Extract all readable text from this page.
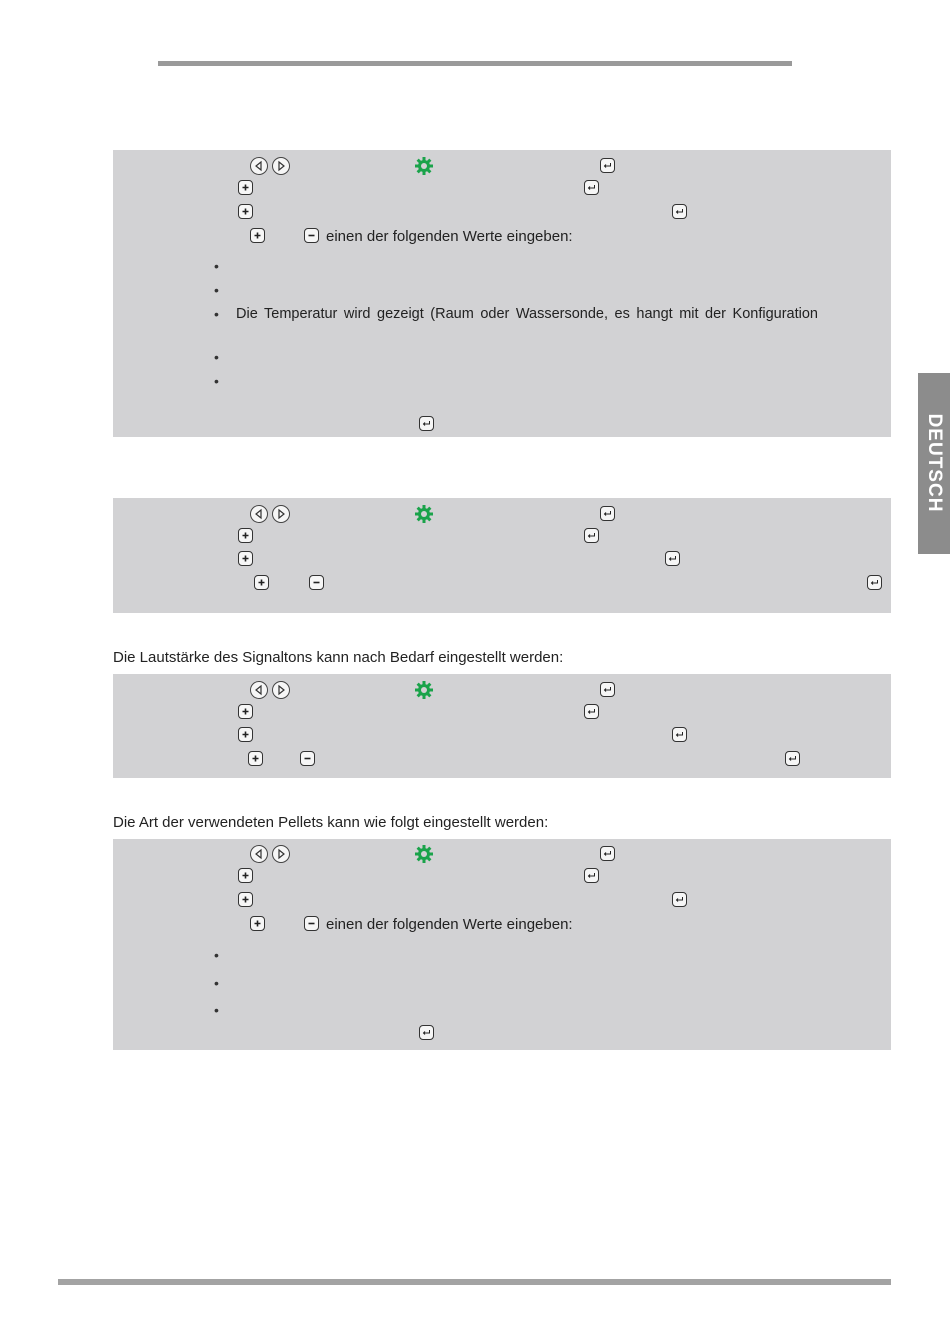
DEUTSCH
einen der folgenden Werte eingeben:
•
•
• Die Temperatur wird gezeigt (Raum oder Wassersonde, es hangt mit der Konfiguration
•
•
Die Lautstärke des Signaltons kann nach Bedarf eingestellt werden:
Die Art der verwendeten Pellets kann wie folgt eingestellt werden:
einen der folgenden Werte eingeben:
•
•
•
